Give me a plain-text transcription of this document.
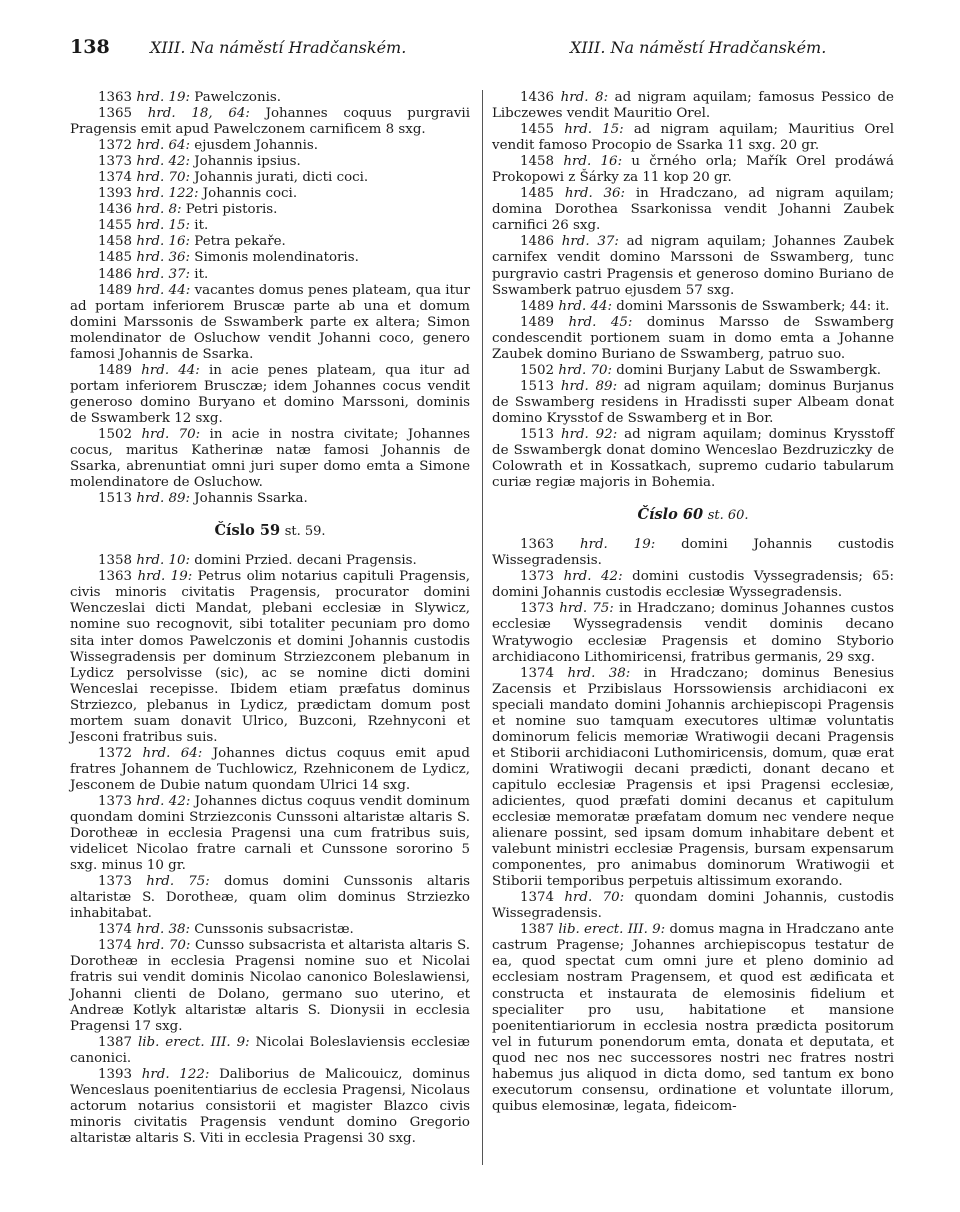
138	XIII. Na náměstí Hradčanském.	XIII. Na náměstí Hradčanském.

1363 hrd. 19: Pawelczonis.

1365 hrd. 18, 64: Johannes coquus purgravii Pragensis emit apud Pawelczonem carnificem 8 sxg.

1372 hrd. 64: ejusdem Johannis.

1373 hrd. 42: Johannis ipsius.

1374 hrd. 70: Johannis jurati, dicti coci.

1393 hrd. 122: Johannis coci.

1436 hrd. 8: Petri pistoris.

1455 hrd. 15: it.

1458 hrd. 16: Petra pekaře.

1485 hrd. 36: Simonis molendinatoris.

1486 hrd. 37: it.

1489 hrd. 44: vacantes domus penes plateam, qua itur ad portam inferiorem Bruscæ parte ab una et domum domini Marssonis de Sswamberk parte ex altera; Simon molendinator de Osluchow vendit Johanni coco, genero famosi Johannis de Ssarka.

1489 hrd. 44: in acie penes plateam, qua itur ad portam inferiorem Brusczæ; idem Johannes cocus vendit generoso domino Buryano et domino Marssoni, dominis de Sswamberk 12 sxg.

1502 hrd. 70: in acie in nostra civitate; Johannes cocus, maritus Katherinæ natæ famosi Johannis de Ssarka, abrenuntiat omni juri super domo emta a Simone molendinatore de Osluchow.

1513 hrd. 89: Johannis Ssarka.

Číslo 59 st. 59.

1358 hrd. 10: domini Przied. decani Pragensis.

1363 hrd. 19: Petrus olim notarius capituli Pragensis, civis minoris civitatis Pragensis, procurator domini Wenczeslai dicti Mandat, plebani ecclesiæ in Slywicz, nomine suo recognovit, sibi totaliter pecuniam pro domo sita inter domos Pawelczonis et domini Johannis custodis Wissegradensis per dominum Strziezconem plebanum in Lydicz persolvisse (sic), ac se nomine dicti domini Wenceslai recepisse. Ibidem etiam præfatus dominus Strziezco, plebanus in Lydicz, prædictam domum post mortem suam donavit Ulrico, Buzconi, Rzehnyconi et Jesconi fratribus suis.

1372 hrd. 64: Johannes dictus coquus emit apud fratres Johannem de Tuchlowicz, Rzehniconem de Lydicz, Jesconem de Dubie natum quondam Ulrici 14 sxg.

1373 hrd. 42: Johannes dictus coquus vendit dominum quondam domini Strziezconis Cunssoni altaristæ altaris S. Dorotheæ in ecclesia Pragensi una cum fratribus suis, videlicet Nicolao fratre carnali et Cunssone sororino 5 sxg. minus 10 gr.

1373 hrd. 75: domus domini Cunssonis altaris altaristæ S. Dorotheæ, quam olim dominus Strziezko inhabitabat.

1374 hrd. 38: Cunssonis subsacristæ.

1374 hrd. 70: Cunsso subsacrista et altarista altaris S. Dorotheæ in ecclesia Pragensi nomine suo et Nicolai fratris sui vendit dominis Nicolao canonico Boleslawiensi, Johanni clienti de Dolano, germano suo uterino, et Andreæ Kotlyk altaristæ altaris S. Dionysii in ecclesia Pragensi 17 sxg.

1387 lib. erect. III. 9: Nicolai Boleslaviensis ecclesiæ canonici.

1393 hrd. 122: Daliborius de Malicouicz, dominus Wenceslaus poenitentiarius de ecclesia Pragensi, Nicolaus actorum notarius consistorii et magister Blazco civis minoris civitatis Pragensis vendunt domino Gregorio altaristæ altaris S. Viti in ecclesia Pragensi 30 sxg.

1436 hrd. 8: ad nigram aquilam; famosus Pessico de Libczewes vendit Mauritio Orel.

1455 hrd. 15: ad nigram aquilam; Mauritius Orel vendit famoso Procopio de Ssarka 11 sxg. 20 gr.

1458 hrd. 16: u črného orla; Mařík Orel prodáwá Prokopowi z Šárky za 11 kop 20 gr.

1485 hrd. 36: in Hradczano, ad nigram aquilam; domina Dorothea Ssarkonissa vendit Johanni Zaubek carnifici 26 sxg.

1486 hrd. 37: ad nigram aquilam; Johannes Zaubek carnifex vendit domino Marssoni de Sswamberg, tunc purgravio castri Pragensis et generoso domino Buriano de Sswamberk patruo ejusdem 57 sxg.

1489 hrd. 44: domini Marssonis de Sswamberk; 44: it.

1489 hrd. 45: dominus Marsso de Sswamberg condescendit portionem suam in domo emta a Johanne Zaubek domino Buriano de Sswamberg, patruo suo.

1502 hrd. 70: domini Burjany Labut de Sswambergk.

1513 hrd. 89: ad nigram aquilam; dominus Burjanus de Sswamberg residens in Hradissti super Albeam donat domino Krysstof de Sswamberg et in Bor.

1513 hrd. 92: ad nigram aquilam; dominus Krysstoff de Sswambergk donat domino Wenceslao Bezdruziczky de Colowrath et in Kossatkach, supremo cudario tabularum curiæ regiæ majoris in Bohemia.

Číslo 60 st. 60.

1363 hrd. 19: domini Johannis custodis Wissegradensis.

1373 hrd. 42: domini custodis Vyssegradensis; 65: domini Johannis custodis ecclesiæ Wyssegradensis.

1373 hrd. 75: in Hradczano; dominus Johannes custos ecclesiæ Wyssegradensis vendit dominis decano Wratywogio ecclesiæ Pragensis et domino Styborio archidiacono Lithomiricensi, fratribus germanis, 29 sxg.

1374 hrd. 38: in Hradczano; dominus Benesius Zacensis et Przibislaus Horssowiensis archidiaconi ex speciali mandato domini Johannis archiepiscopi Pragensis et nomine suo tamquam executores ultimæ voluntatis dominorum felicis memoriæ Wratiwogii decani Pragensis et Stiborii archidiaconi Luthomiricensis, domum, quæ erat domini Wratiwogii decani prædicti, donant decano et capitulo ecclesiæ Pragensis et ipsi Pragensi ecclesiæ, adicientes, quod præfati domini decanus et capitulum ecclesiæ memoratæ præfatam domum nec vendere neque alienare possint, sed ipsam domum inhabitare debent et valebunt ministri ecclesiæ Pragensis, bursam expensarum componentes, pro animabus dominorum Wratiwogii et Stiborii temporibus perpetuis altissimum exorando.

1374 hrd. 70: quondam domini Johannis, custodis Wissegradensis.

1387 lib. erect. III. 9: domus magna in Hradczano ante castrum Pragense; Johannes archiepiscopus testatur de ea, quod spectat cum omni jure et pleno dominio ad ecclesiam nostram Pragensem, et quod est ædificata et constructa et instaurata de elemosinis fidelium et specialiter pro usu, habitatione et mansione poenitentiariorum in ecclesia nostra prædicta positorum vel in futurum ponendorum emta, donata et deputata, et quod nec nos nec successores nostri nec fratres nostri habemus jus aliquod in dicta domo, sed tantum ex bono executorum consensu, ordinatione et voluntate illorum, quibus elemosinæ, legata, fideicom-
